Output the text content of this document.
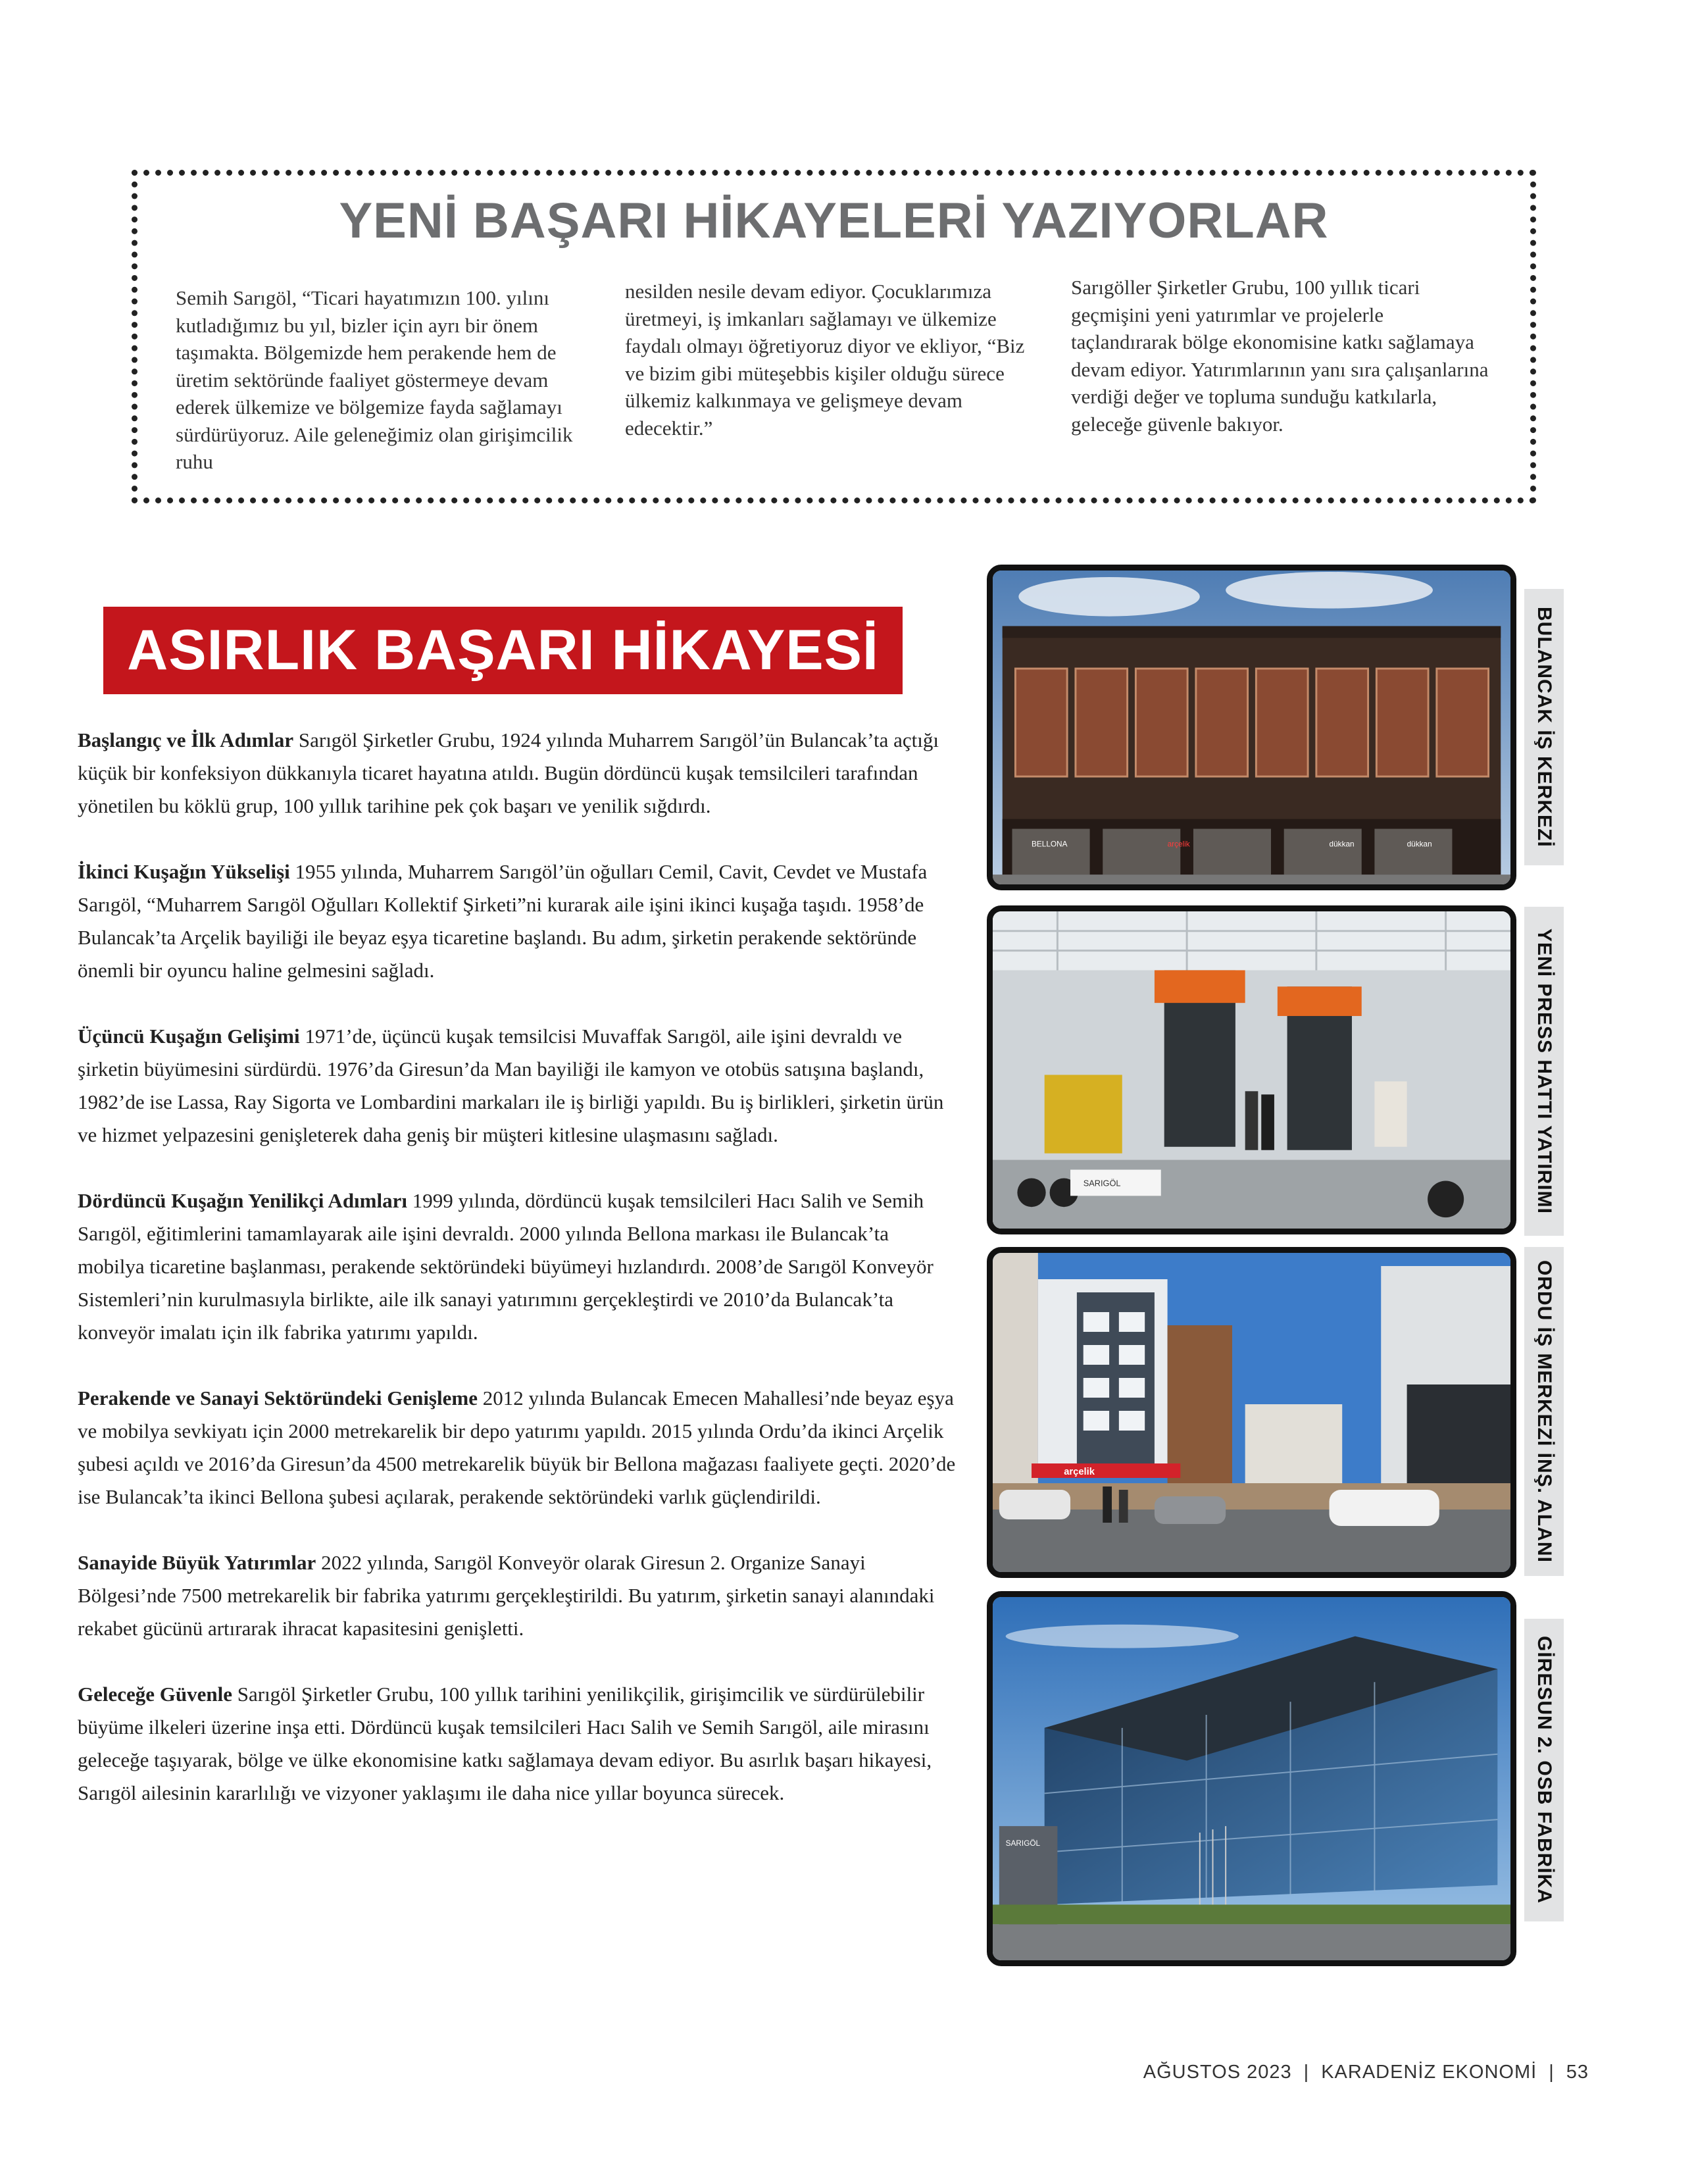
YENİ BAŞARI HİKAYELERİ YAZIYORLAR

Semih Sarıgöl, “Ticari hayatımızın 100. yılını kutladığımız bu yıl, bizler için ayrı bir önem taşımakta. Bölgemizde hem perakende hem de üretim sektöründe faaliyet göstermeye devam ederek ülkemize ve bölgemize fayda sağlamayı sürdürüyoruz. Aile geleneğimiz olan girişimcilik ruhu

nesilden nesile devam ediyor. Çocuklarımıza üretmeyi, iş imkanları sağlamayı ve ülkemize faydalı olmayı öğretiyoruz diyor ve ekliyor, “Biz ve bizim gibi müteşebbis kişiler olduğu sürece ülkemiz kalkınmaya ve gelişmeye devam edecektir.”

Sarıgöller Şirketler Grubu, 100 yıllık ticari geçmişini yeni yatırımlar ve projelerle taçlandırarak bölge ekonomisine katkı sağlamaya devam ediyor. Yatırımlarının yanı sıra çalışanlarına verdiği değer ve topluma sunduğu katkılarla, geleceğe güvenle bakıyor.

ASIRLIK BAŞARI HİKAYESİ

Başlangıç ve İlk Adımlar Sarıgöl Şirketler Grubu, 1924 yılında Muharrem Sarıgöl’ün Bulancak’ta açtığı küçük bir konfeksiyon dükkanıyla ticaret hayatına atıldı. Bugün dördüncü kuşak temsilcileri tarafından yönetilen bu köklü grup, 100 yıllık tarihine pek çok başarı ve yenilik sığdırdı.

İkinci Kuşağın Yükselişi 1955 yılında, Muharrem Sarıgöl’ün oğulları Cemil, Cavit, Cevdet ve Mustafa Sarıgöl, “Muharrem Sarıgöl Oğulları Kollektif Şirketi”ni kurarak aile işini ikinci kuşağa taşıdı. 1958’de Bulancak’ta Arçelik bayiliği ile beyaz eşya ticaretine başlandı. Bu adım, şirketin perakende sektöründe önemli bir oyuncu haline gelmesini sağladı.

Üçüncü Kuşağın Gelişimi 1971’de, üçüncü kuşak temsilcisi Muvaffak Sarıgöl, aile işini devraldı ve şirketin büyümesini sürdürdü. 1976’da Giresun’da Man bayiliği ile kamyon ve otobüs satışına başlandı, 1982’de ise Lassa, Ray Sigorta ve Lombardini markaları ile iş birliği yapıldı. Bu iş birlikleri, şirketin ürün ve hizmet yelpazesini genişleterek daha geniş bir müşteri kitlesine ulaşmasını sağladı.

Dördüncü Kuşağın Yenilikçi Adımları 1999 yılında, dördüncü kuşak temsilcileri Hacı Salih ve Semih Sarıgöl, eğitimlerini tamamlayarak aile işini devraldı. 2000 yılında Bellona markası ile Bulancak’ta mobilya ticaretine başlanması, perakende sektöründeki büyümeyi hızlandırdı. 2008’de Sarıgöl Konveyör Sistemleri’nin kurulmasıyla birlikte, aile ilk sanayi yatırımını gerçekleştirdi ve 2010’da Bulancak’ta konveyör imalatı için ilk fabrika yatırımı yapıldı.

Perakende ve Sanayi Sektöründeki Genişleme 2012 yılında Bulancak Emecen Mahallesi’nde beyaz eşya ve mobilya sevkiyatı için 2000 metrekarelik bir depo yatırımı yapıldı. 2015 yılında Ordu’da ikinci Arçelik şubesi açıldı ve 2016’da Giresun’da 4500 metrekarelik büyük bir Bellona mağazası faaliyete geçti. 2020’de ise Bulancak’ta ikinci Bellona şubesi açılarak, perakende sektöründeki varlık güçlendirildi.

Sanayide Büyük Yatırımlar 2022 yılında, Sarıgöl Konveyör olarak Giresun 2. Organize Sanayi Bölgesi’nde 7500 metrekarelik bir fabrika yatırımı gerçekleştirildi. Bu yatırım, şirketin sanayi alanındaki rekabet gücünü artırarak ihracat kapasitesini genişletti.

Geleceğe Güvenle Sarıgöl Şirketler Grubu, 100 yıllık tarihini yenilikçilik, girişimcilik ve sürdürülebilir büyüme ilkeleri üzerine inşa etti. Dördüncü kuşak temsilcileri Hacı Salih ve Semih Sarıgöl, aile mirasını geleceğe taşıyarak, bölge ve ülke ekonomisine katkı sağlamaya devam ediyor. Bu asırlık başarı hikayesi, Sarıgöl ailesinin kararlılığı ve vizyoner yaklaşımı ile daha nice yıllar boyunca sürecek.

BELLONA	arçelik	dükkan	dükkan	BULANCAK İŞ KERKEZİ
SARIGÖL	YENİ PRESS HATTI YATIRIMI
arçelik	ORDU İŞ MERKEZİ İNŞ. ALANI
SARIGÖL	GİRESUN 2. OSB FABRİKA
AĞUSTOS 2023 | KARADENİZ EKONOMİ | 53
